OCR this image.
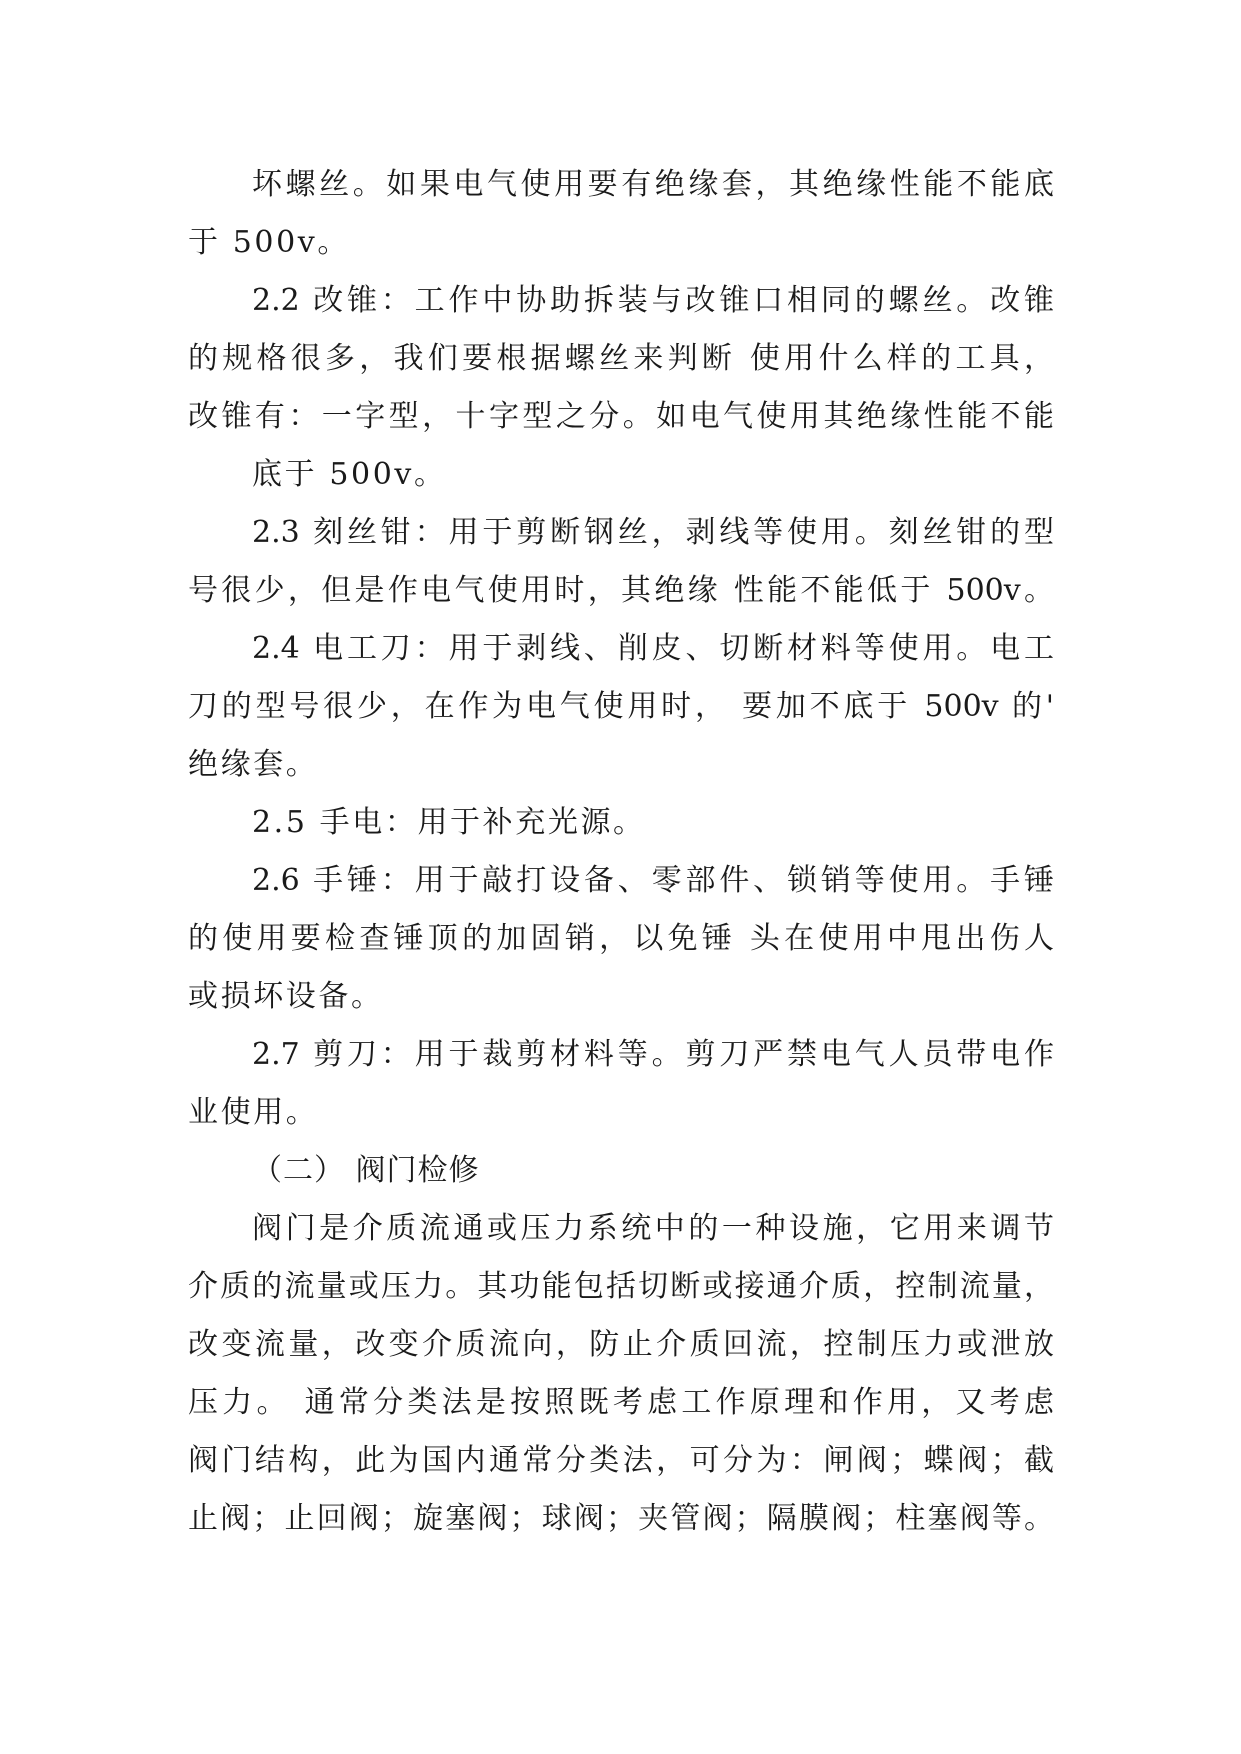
坏螺丝。如果电气使用要有绝缘套，其绝缘性能不能底
于 500v。
2.2 改锥：工作中协助拆装与改锥口相同的螺丝。改锥
的规格很多，我们要根据螺丝来判断 使用什么样的工具，
改锥有：一字型，十字型之分。如电气使用其绝缘性能不能
底于 500v。
2.3 刻丝钳：用于剪断钢丝，剥线等使用。刻丝钳的型
号很少，但是作电气使用时，其绝缘 性能不能低于 500v。
2.4 电工刀：用于剥线、削皮、切断材料等使用。电工
刀的型号很少，在作为电气使用时， 要加不底于 500v 的'
绝缘套。
2.5 手电：用于补充光源。
2.6 手锤：用于敲打设备、零部件、锁销等使用。手锤
的使用要检查锤顶的加固销，以免锤 头在使用中甩出伤人
或损坏设备。
2.7 剪刀：用于裁剪材料等。剪刀严禁电气人员带电作
业使用。
（二） 阀门检修
阀门是介质流通或压力系统中的一种设施，它用来调节
介质的流量或压力。其功能包括切断或接通介质，控制流量，
改变流量，改变介质流向，防止介质回流，控制压力或泄放
压力。 通常分类法是按照既考虑工作原理和作用，又考虑
阀门结构，此为国内通常分类法，可分为：闸阀；蝶阀；截
止阀；止回阀；旋塞阀；球阀；夹管阀；隔膜阀；柱塞阀等。
